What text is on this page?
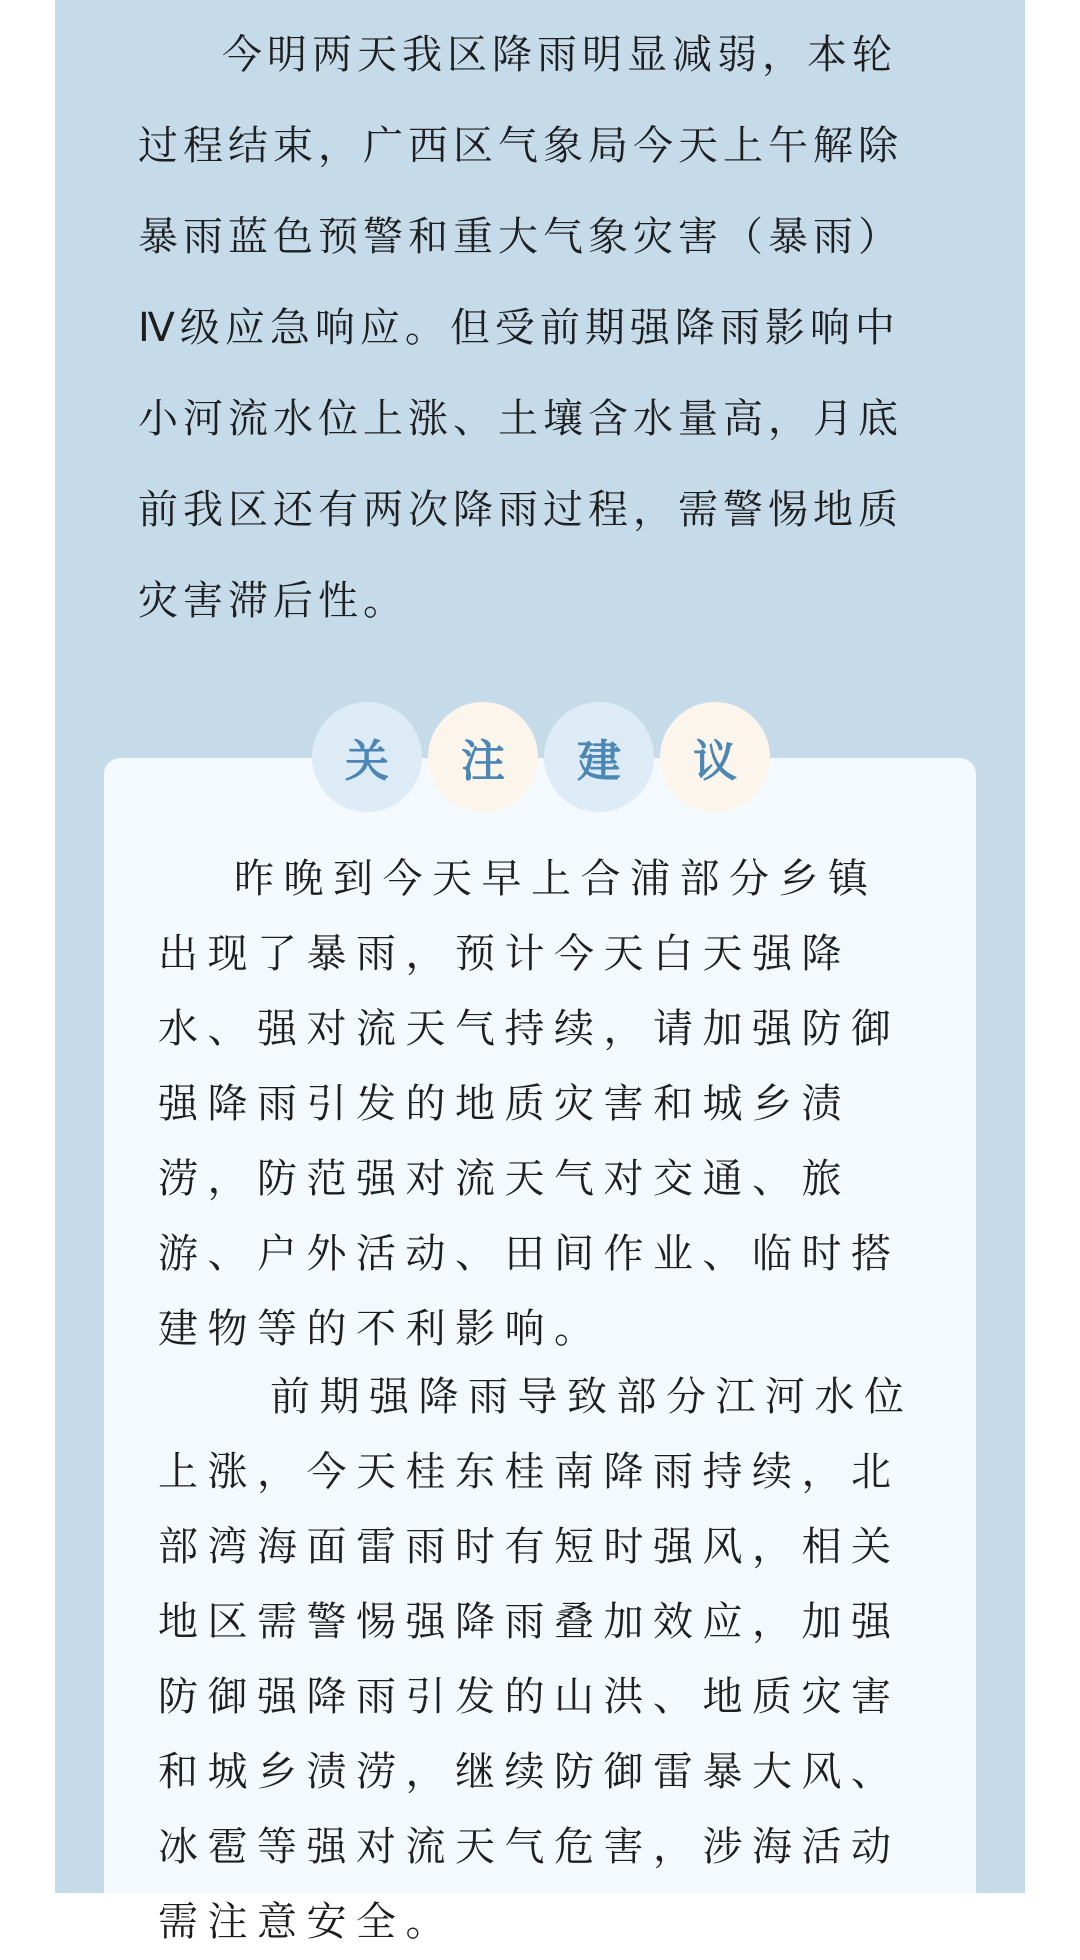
今明两天我区降雨明显减弱，本轮过程结束，广西区气象局今天上午解除暴雨蓝色预警和重大气象灾害（暴雨）Ⅳ级应急响应。但受前期强降雨影响中小河流水位上涨、土壤含水量高，月底前我区还有两次降雨过程，需警惕地质灾害滞后性。

关	注	建	议

昨晚到今天早上合浦部分乡镇出现了暴雨，预计今天白天强降水、强对流天气持续，请加强防御强降雨引发的地质灾害和城乡渍涝，防范强对流天气对交通、旅游、户外活动、田间作业、临时搭建物等的不利影响。

前期强降雨导致部分江河水位上涨，今天桂东桂南降雨持续，北部湾海面雷雨时有短时强风，相关地区需警惕强降雨叠加效应，加强防御强降雨引发的山洪、地质灾害和城乡渍涝，继续防御雷暴大风、冰雹等强对流天气危害，涉海活动需注意安全。
